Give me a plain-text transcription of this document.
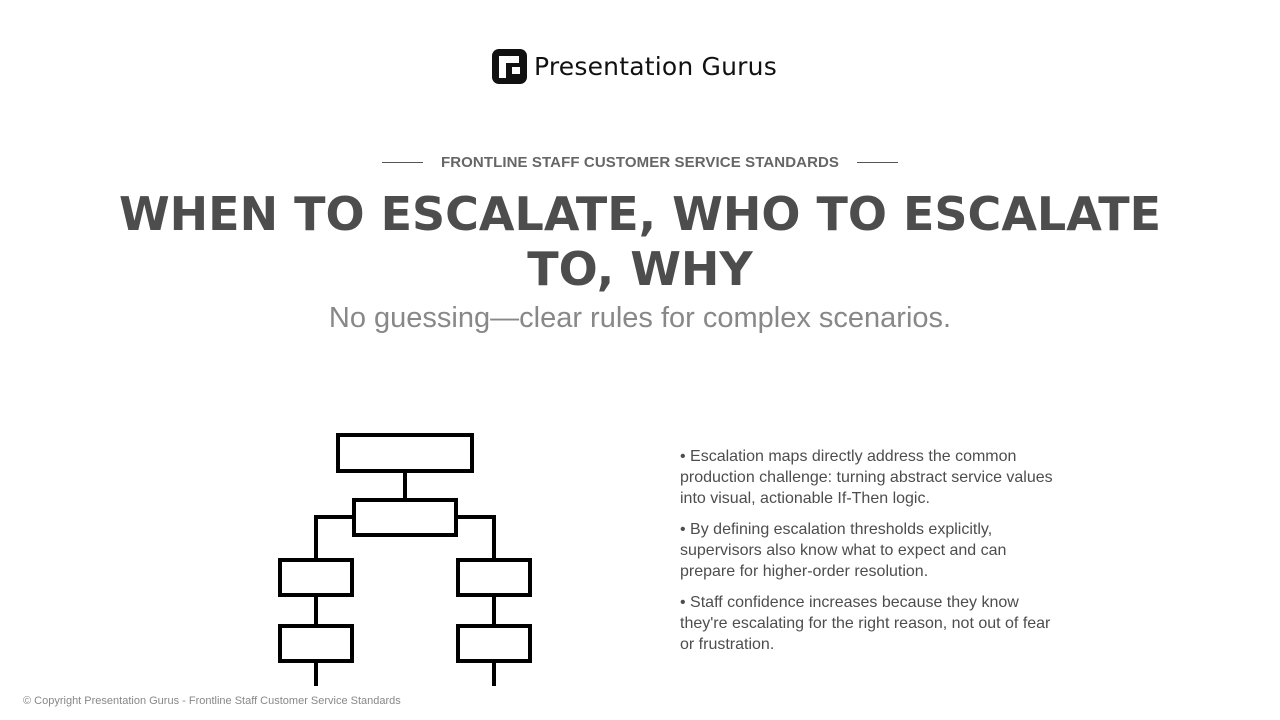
Presentation Gurus
FRONTLINE STAFF CUSTOMER SERVICE STANDARDS
WHEN TO ESCALATE, WHO TO ESCALATE TO, WHY

No guessing—clear rules for complex scenarios.

• Escalation maps directly address the common production challenge: turning abstract service values into visual, actionable If-Then logic.
• By defining escalation thresholds explicitly, supervisors also know what to expect and can prepare for higher-order resolution.
• Staff confidence increases because they know they're escalating for the right reason, not out of fear or frustration.
© Copyright Presentation Gurus - Frontline Staff Customer Service Standards
